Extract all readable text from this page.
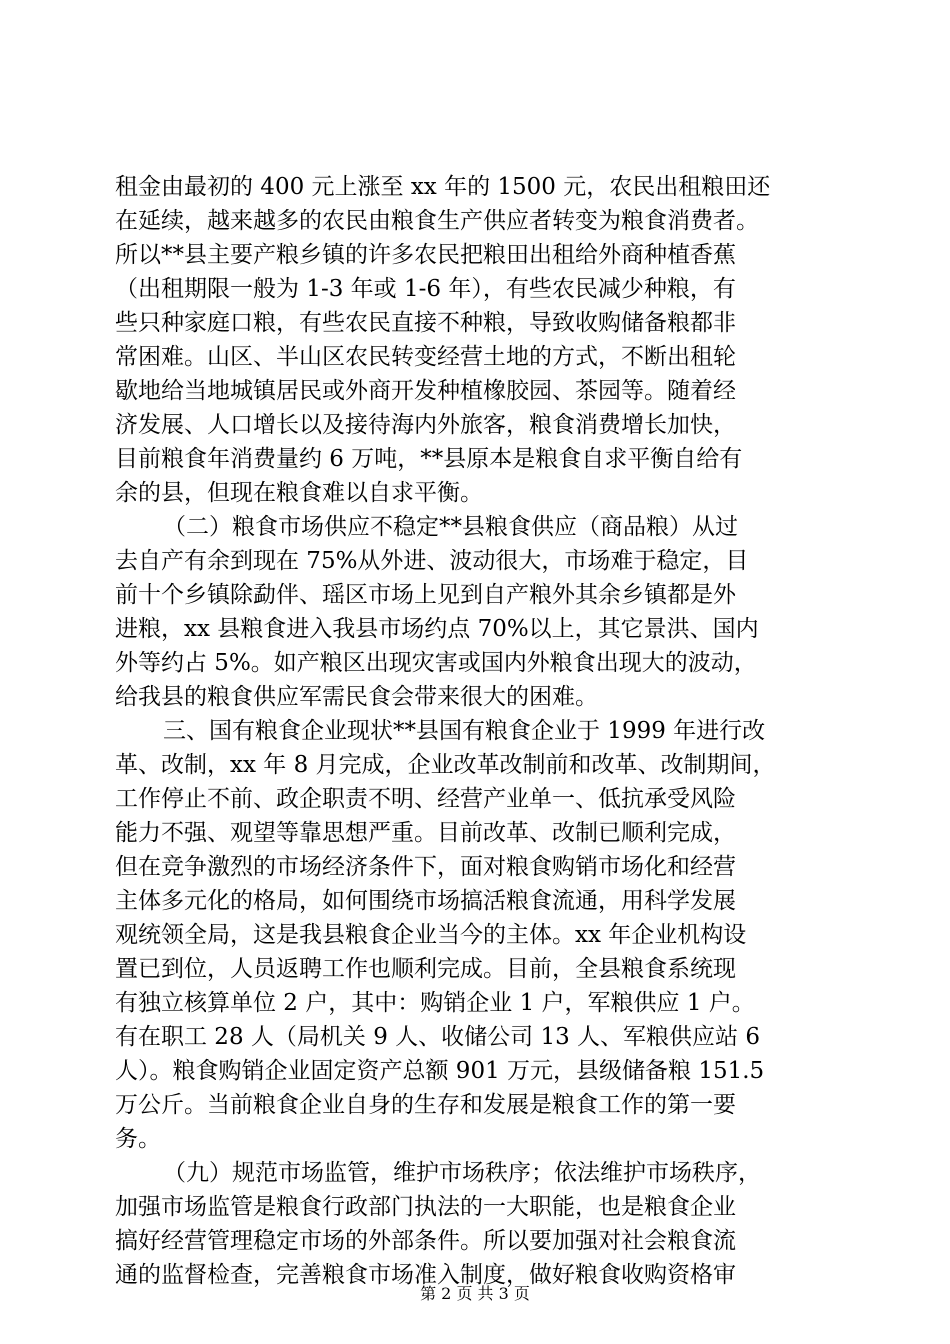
租金由最初的 400 元上涨至 xx 年的 1500 元，农民出租粮田还
在延续，越来越多的农民由粮食生产供应者转变为粮食消费者。
所以**县主要产粮乡镇的许多农民把粮田出租给外商种植香蕉
（出租期限一般为 1-3 年或 1-6 年），有些农民减少种粮，有
些只种家庭口粮，有些农民直接不种粮，导致收购储备粮都非
常困难。山区、半山区农民转变经营土地的方式，不断出租轮
歇地给当地城镇居民或外商开发种植橡胶园、茶园等。随着经
济发展、人口增长以及接待海内外旅客，粮食消费增长加快，
目前粮食年消费量约 6 万吨，**县原本是粮食自求平衡自给有
余的县，但现在粮食难以自求平衡。
（二）粮食市场供应不稳定**县粮食供应（商品粮）从过
去自产有余到现在 75%从外进、波动很大，市场难于稳定，目
前十个乡镇除勐伴、瑶区市场上见到自产粮外其余乡镇都是外
进粮，xx 县粮食进入我县市场约点 70%以上，其它景洪、国内
外等约占 5%。如产粮区出现灾害或国内外粮食出现大的波动，
给我县的粮食供应军需民食会带来很大的困难。
三、国有粮食企业现状**县国有粮食企业于 1999 年进行改
革、改制，xx 年 8 月完成，企业改革改制前和改革、改制期间，
工作停止不前、政企职责不明、经营产业单一、低抗承受风险
能力不强、观望等靠思想严重。目前改革、改制已顺利完成，
但在竞争激烈的市场经济条件下，面对粮食购销市场化和经营
主体多元化的格局，如何围绕市场搞活粮食流通，用科学发展
观统领全局，这是我县粮食企业当今的主体。xx 年企业机构设
置已到位，人员返聘工作也顺利完成。目前，全县粮食系统现
有独立核算单位 2 户，其中：购销企业 1 户，军粮供应 1 户。
有在职工 28 人（局机关 9 人、收储公司 13 人、军粮供应站 6
人）。粮食购销企业固定资产总额 901 万元，县级储备粮 151.5
万公斤。当前粮食企业自身的生存和发展是粮食工作的第一要
务。
（九）规范市场监管，维护市场秩序；依法维护市场秩序，
加强市场监管是粮食行政部门执法的一大职能，也是粮食企业
搞好经营管理稳定市场的外部条件。所以要加强对社会粮食流
通的监督检查，完善粮食市场准入制度，做好粮食收购资格审
第 2 页 共 3 页
